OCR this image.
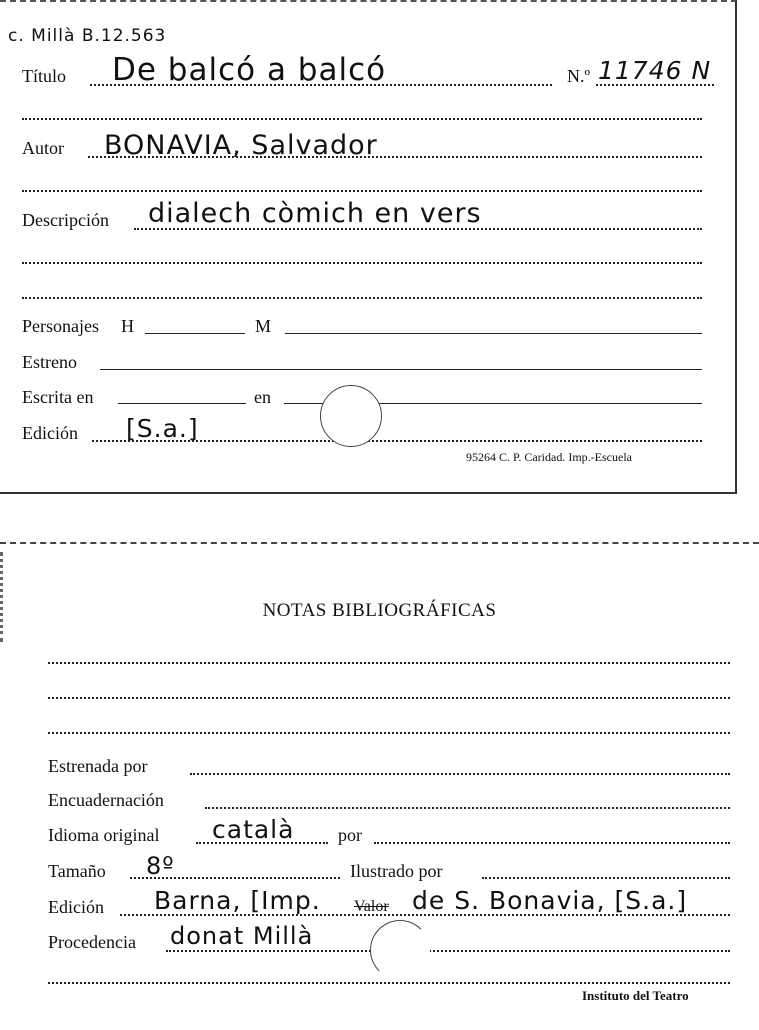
c. Millà B.12.563
Título De balcó a balcó	N.º 11746 N
Autor BONAVIA, Salvador
Descripción dialech còmich en vers
Personajes H	M
Estreno
Escrita en	en
Edición [S.a.]
95264 C. P. Caridad. Imp.-Escuela
NOTAS BIBLIOGRÁFICAS
Estrenada por
Encuadernación
Idioma original català por
Tamaño 8º	Ilustrado por
Edición Barna, [Imp. Valor de S. Bonavia, [S.a.]
Procedencia donat Millà
Instituto del Teatro
